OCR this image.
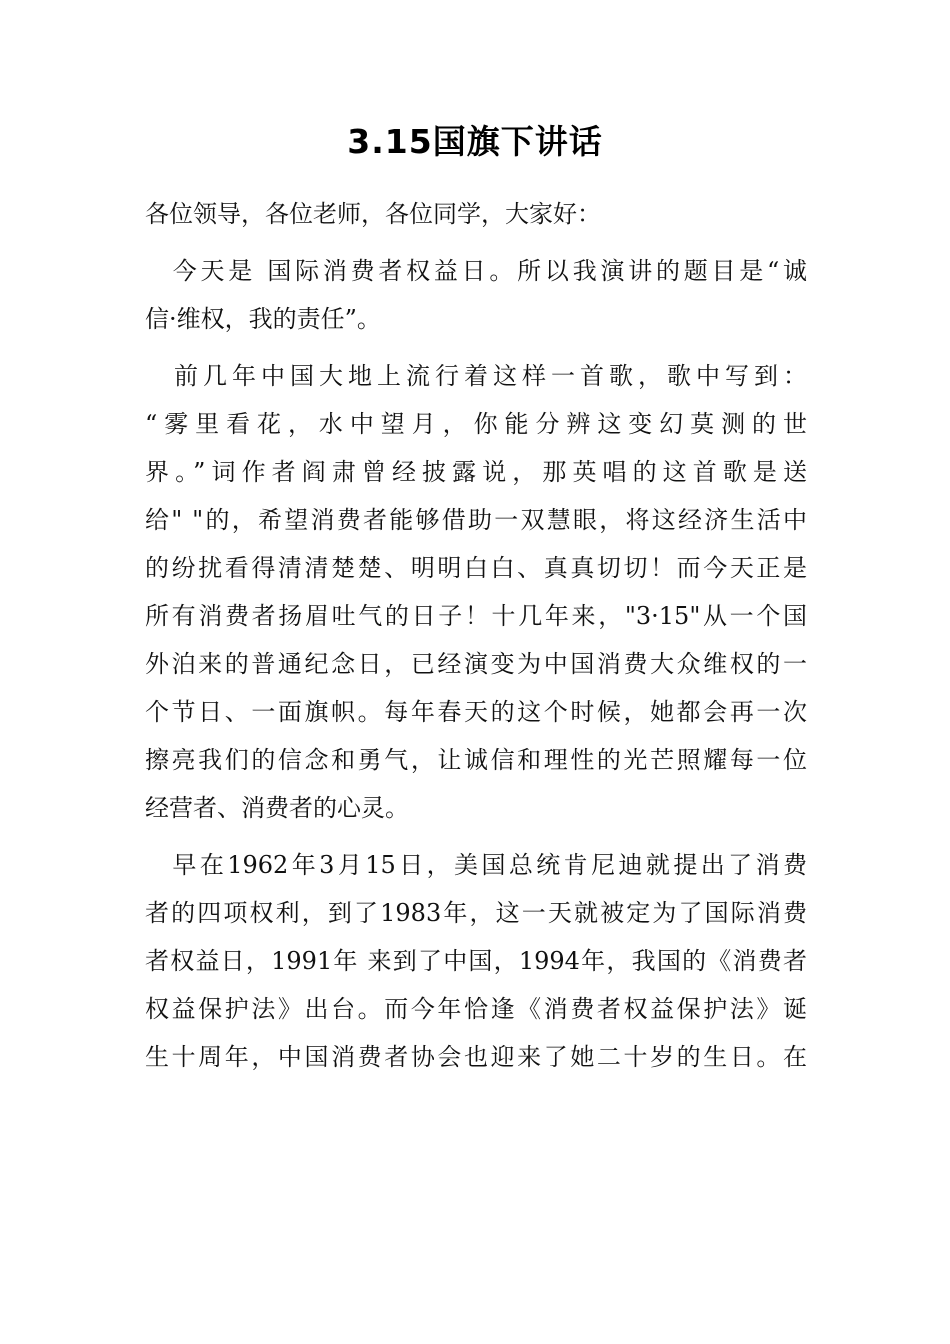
3.15国旗下讲话
各位领导，各位老师，各位同学，大家好：
　今天是 国际消费者权益日。所以我演讲的题目是“诚
信·维权，我的责任”。
　前几年中国大地上流行着这样一首歌，歌中写到：
“雾里看花，水中望月，你能分辨这变幻莫测的世
界。”词作者阎肃曾经披露说，那英唱的这首歌是送
给" "的，希望消费者能够借助一双慧眼，将这经济生活中
的纷扰看得清清楚楚、明明白白、真真切切！而今天正是
所有消费者扬眉吐气的日子！十几年来，"3·15"从一个国
外泊来的普通纪念日，已经演变为中国消费大众维权的一
个节日、一面旗帜。每年春天的这个时候，她都会再一次
擦亮我们的信念和勇气，让诚信和理性的光芒照耀每一位
经营者、消费者的心灵。
　早在1962年3月15日，美国总统肯尼迪就提出了消费
者的四项权利，到了1983年，这一天就被定为了国际消费
者权益日，1991年 来到了中国，1994年，我国的《消费者
权益保护法》出台。而今年恰逢《消费者权益保护法》诞
生十周年，中国消费者协会也迎来了她二十岁的生日。在
